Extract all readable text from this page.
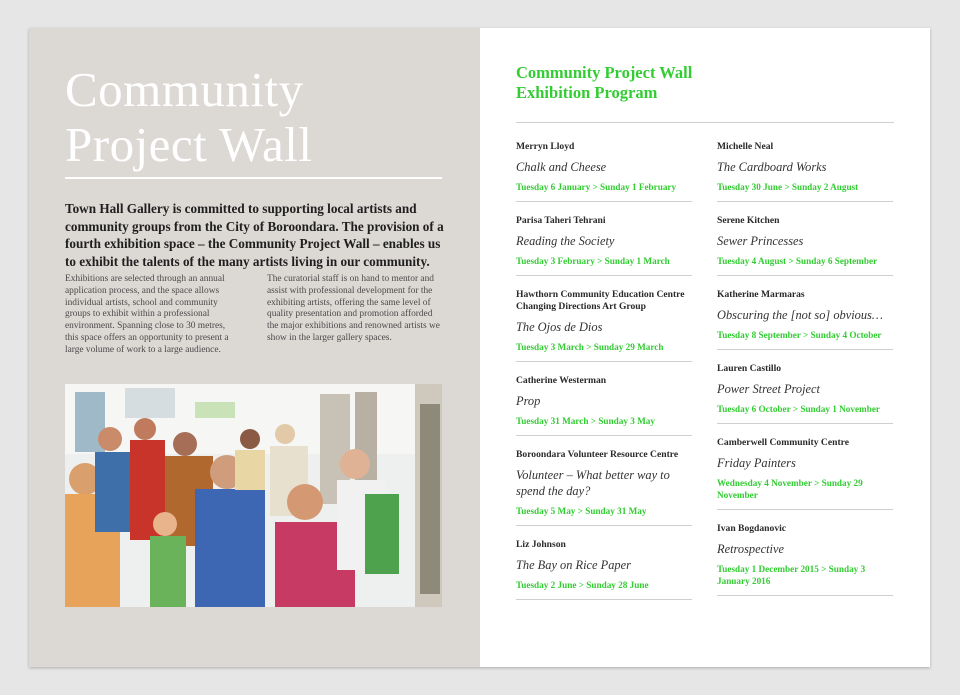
Community
Project Wall

Town Hall Gallery is committed to supporting local artists and community groups from the City of Boroondara. The provision of a fourth exhibition space – the Community Project Wall – enables us to exhibit the talents of the many artists living in our community.

Exhibitions are selected through an annual application process, and the space allows individual artists, school and community groups to exhibit within a professional environment. Spanning close to 30 metres, this space offers an opportunity to present a large volume of work to a large audience.

The curatorial staff is on hand to mentor and assist with professional development for the exhibiting artists, offering the same level of quality presentation and promotion afforded the major exhibitions and renowned artists we show in the larger gallery spaces.

Community Project Wall
Exhibition Program

Merryn Lloyd

Chalk and Cheese

Tuesday 6 January > Sunday 1 February

Parisa Taheri Tehrani

Reading the Society

Tuesday 3 February > Sunday 1 March

Hawthorn Community Education Centre Changing Directions Art Group

The Ojos de Dios

Tuesday 3 March > Sunday 29 March

Catherine Westerman

Prop

Tuesday 31 March > Sunday 3 May

Boroondara Volunteer Resource Centre

Volunteer – What better way to spend the day?

Tuesday 5 May > Sunday 31 May

Liz Johnson

The Bay on Rice Paper

Tuesday 2 June > Sunday 28 June

Michelle Neal

The Cardboard Works

Tuesday 30 June > Sunday 2 August

Serene Kitchen

Sewer Princesses

Tuesday 4 August > Sunday 6 September

Katherine Marmaras

Obscuring the [not so] obvious…

Tuesday 8 September > Sunday 4 October

Lauren Castillo

Power Street Project

Tuesday 6 October > Sunday 1 November

Camberwell Community Centre

Friday Painters

Wednesday 4 November > Sunday 29 November

Ivan Bogdanovic

Retrospective

Tuesday 1 December 2015 > Sunday 3 January 2016
